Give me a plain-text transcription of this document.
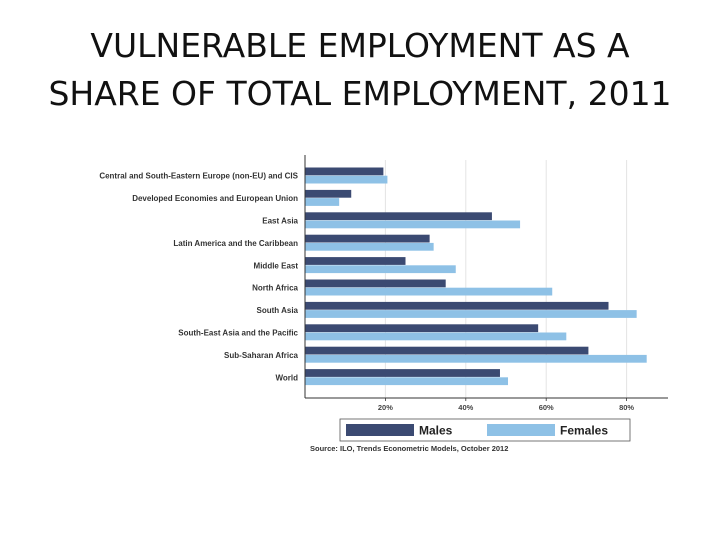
VULNERABLE EMPLOYMENT AS A
SHARE OF TOTAL EMPLOYMENT, 2011
Central and South-Eastern Europe (non-EU) and CIS
Developed Economies and European Union
East Asia
Latin America and the Caribbean
Middle East
North Africa
South Asia
South-East Asia and the Pacific
Sub-Saharan Africa
World
20%	40%	60%	80%
Males	Females
Source: ILO, Trends Econometric Models, October 2012
